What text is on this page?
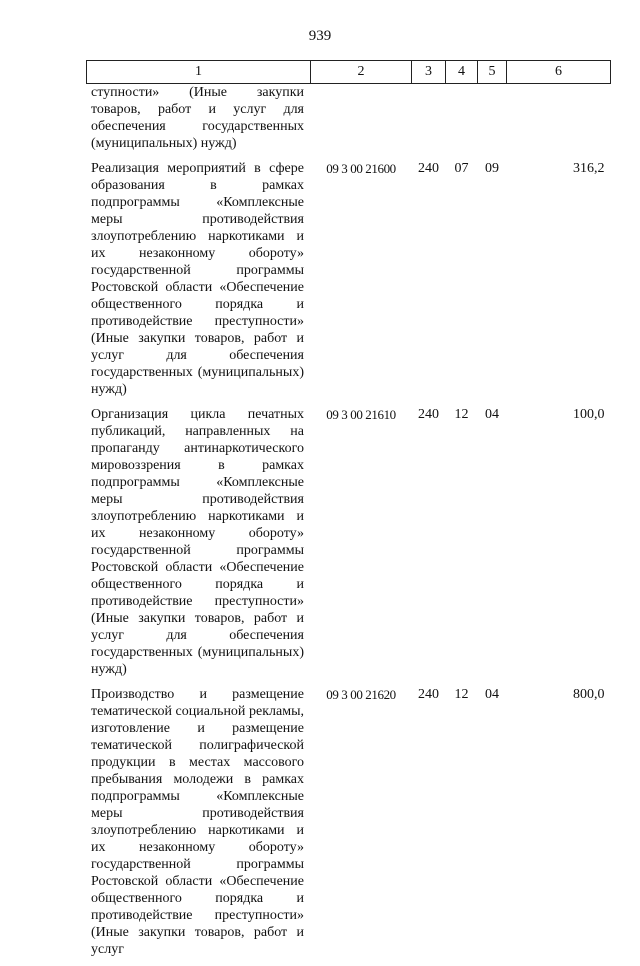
939
1	2	3	4	5	6
ступности» (Иные закупки товаров, работ и услуг для обеспечения государственных (муниципальных) нужд)					
Реализация мероприятий в сфере образования в рамках подпрограммы «Комплексные меры противодействия злоупотреблению наркотиками и их незаконному обороту» государственной программы Ростовской области «Обеспечение общественного порядка и противодействие преступности» (Иные закупки товаров, работ и услуг для обеспечения государственных (муниципальных) нужд)	09 3 00 21600	240	07	09	316,2
Организация цикла печатных публикаций, направленных на пропаганду антинаркотического мировоззрения в рамках подпрограммы «Комплексные меры противодействия злоупотреблению наркотиками и их незаконному обороту» государственной программы Ростовской области «Обеспечение общественного порядка и противодействие преступности» (Иные закупки товаров, работ и услуг для обеспечения государственных (муниципальных) нужд)	09 3 00 21610	240	12	04	100,0
Производство и размещение тематической социальной рекламы, изготовление и размещение тематической полиграфической продукции в местах массового пребывания молодежи в рамках подпрограммы «Комплексные меры противодействия злоупотреблению наркотиками и их незаконному обороту» государственной программы Ростовской области «Обеспечение общественного порядка и противодействие преступности» (Иные закупки товаров, работ и услуг	09 3 00 21620	240	12	04	800,0
